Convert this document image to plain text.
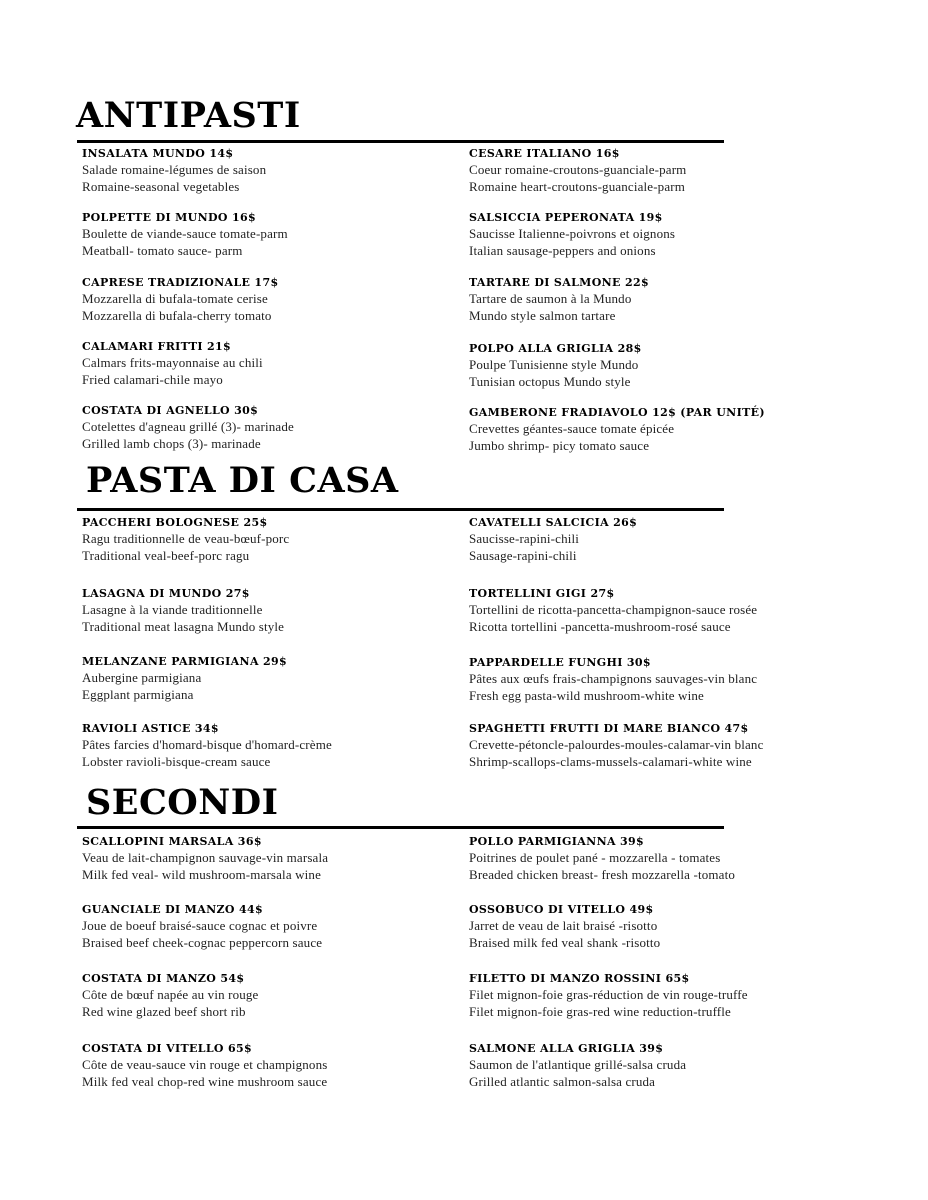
ANTIPASTI
INSALATA MUNDO 14$
Salade romaine-légumes de saison
Romaine-seasonal vegetables
CESARE ITALIANO 16$
Coeur romaine-croutons-guanciale-parm
Romaine heart-croutons-guanciale-parm
POLPETTE DI MUNDO 16$
Boulette de viande-sauce tomate-parm
Meatball- tomato sauce- parm
SALSICCIA PEPERONATA 19$
Saucisse Italienne-poivrons et oignons
Italian sausage-peppers and onions
CAPRESE TRADIZIONALE 17$
Mozzarella di bufala-tomate cerise
Mozzarella di bufala-cherry tomato
TARTARE DI SALMONE 22$
Tartare de saumon à la Mundo
Mundo style salmon tartare
CALAMARI FRITTI 21$
Calmars frits-mayonnaise au chili
Fried calamari-chile mayo
POLPO ALLA GRIGLIA 28$
Poulpe Tunisienne style Mundo
Tunisian octopus Mundo style
COSTATA DI AGNELLO 30$
Cotelettes d'agneau grillé (3)- marinade
Grilled lamb chops (3)- marinade
GAMBERONE FRADIAVOLO 12$ (PAR UNITÉ)
Crevettes géantes-sauce tomate épicée
Jumbo shrimp- picy tomato sauce
PASTA DI CASA
PACCHERI BOLOGNESE 25$
Ragu traditionnelle de veau-bœuf-porc
Traditional veal-beef-porc ragu
CAVATELLI SALCICIA 26$
Saucisse-rapini-chili
Sausage-rapini-chili
LASAGNA DI MUNDO 27$
Lasagne à la viande traditionnelle
Traditional meat lasagna Mundo style
TORTELLINI GIGI 27$
Tortellini de ricotta-pancetta-champignon-sauce rosée
Ricotta tortellini -pancetta-mushroom-rosé sauce
MELANZANE PARMIGIANA 29$
Aubergine parmigiana
Eggplant parmigiana
PAPPARDELLE FUNGHI 30$
Pâtes aux œufs frais-champignons sauvages-vin blanc
Fresh egg pasta-wild mushroom-white wine
RAVIOLI ASTICE 34$
Pâtes farcies d'homard-bisque d'homard-crème
Lobster ravioli-bisque-cream sauce
SPAGHETTI FRUTTI DI MARE BIANCO 47$
Crevette-pétoncle-palourdes-moules-calamar-vin blanc
Shrimp-scallops-clams-mussels-calamari-white wine
SECONDI
SCALLOPINI MARSALA 36$
Veau de lait-champignon sauvage-vin marsala
Milk fed veal- wild mushroom-marsala wine
POLLO PARMIGIANNA 39$
Poitrines de poulet pané - mozzarella - tomates
Breaded chicken breast- fresh mozzarella -tomato
GUANCIALE DI MANZO 44$
Joue de boeuf braisé-sauce cognac et poivre
Braised beef cheek-cognac peppercorn sauce
OSSOBUCO DI VITELLO 49$
Jarret de veau de lait braisé -risotto
Braised milk fed veal shank -risotto
COSTATA DI MANZO 54$
Côte de bœuf napée au vin rouge
Red wine glazed beef short rib
FILETTO DI MANZO ROSSINI 65$
Filet mignon-foie gras-réduction de vin rouge-truffe
Filet mignon-foie gras-red wine reduction-truffle
COSTATA DI VITELLO 65$
Côte de veau-sauce vin rouge et champignons
Milk fed veal chop-red wine mushroom sauce
SALMONE ALLA GRIGLIA 39$
Saumon de l'atlantique grillé-salsa cruda
Grilled atlantic salmon-salsa cruda
